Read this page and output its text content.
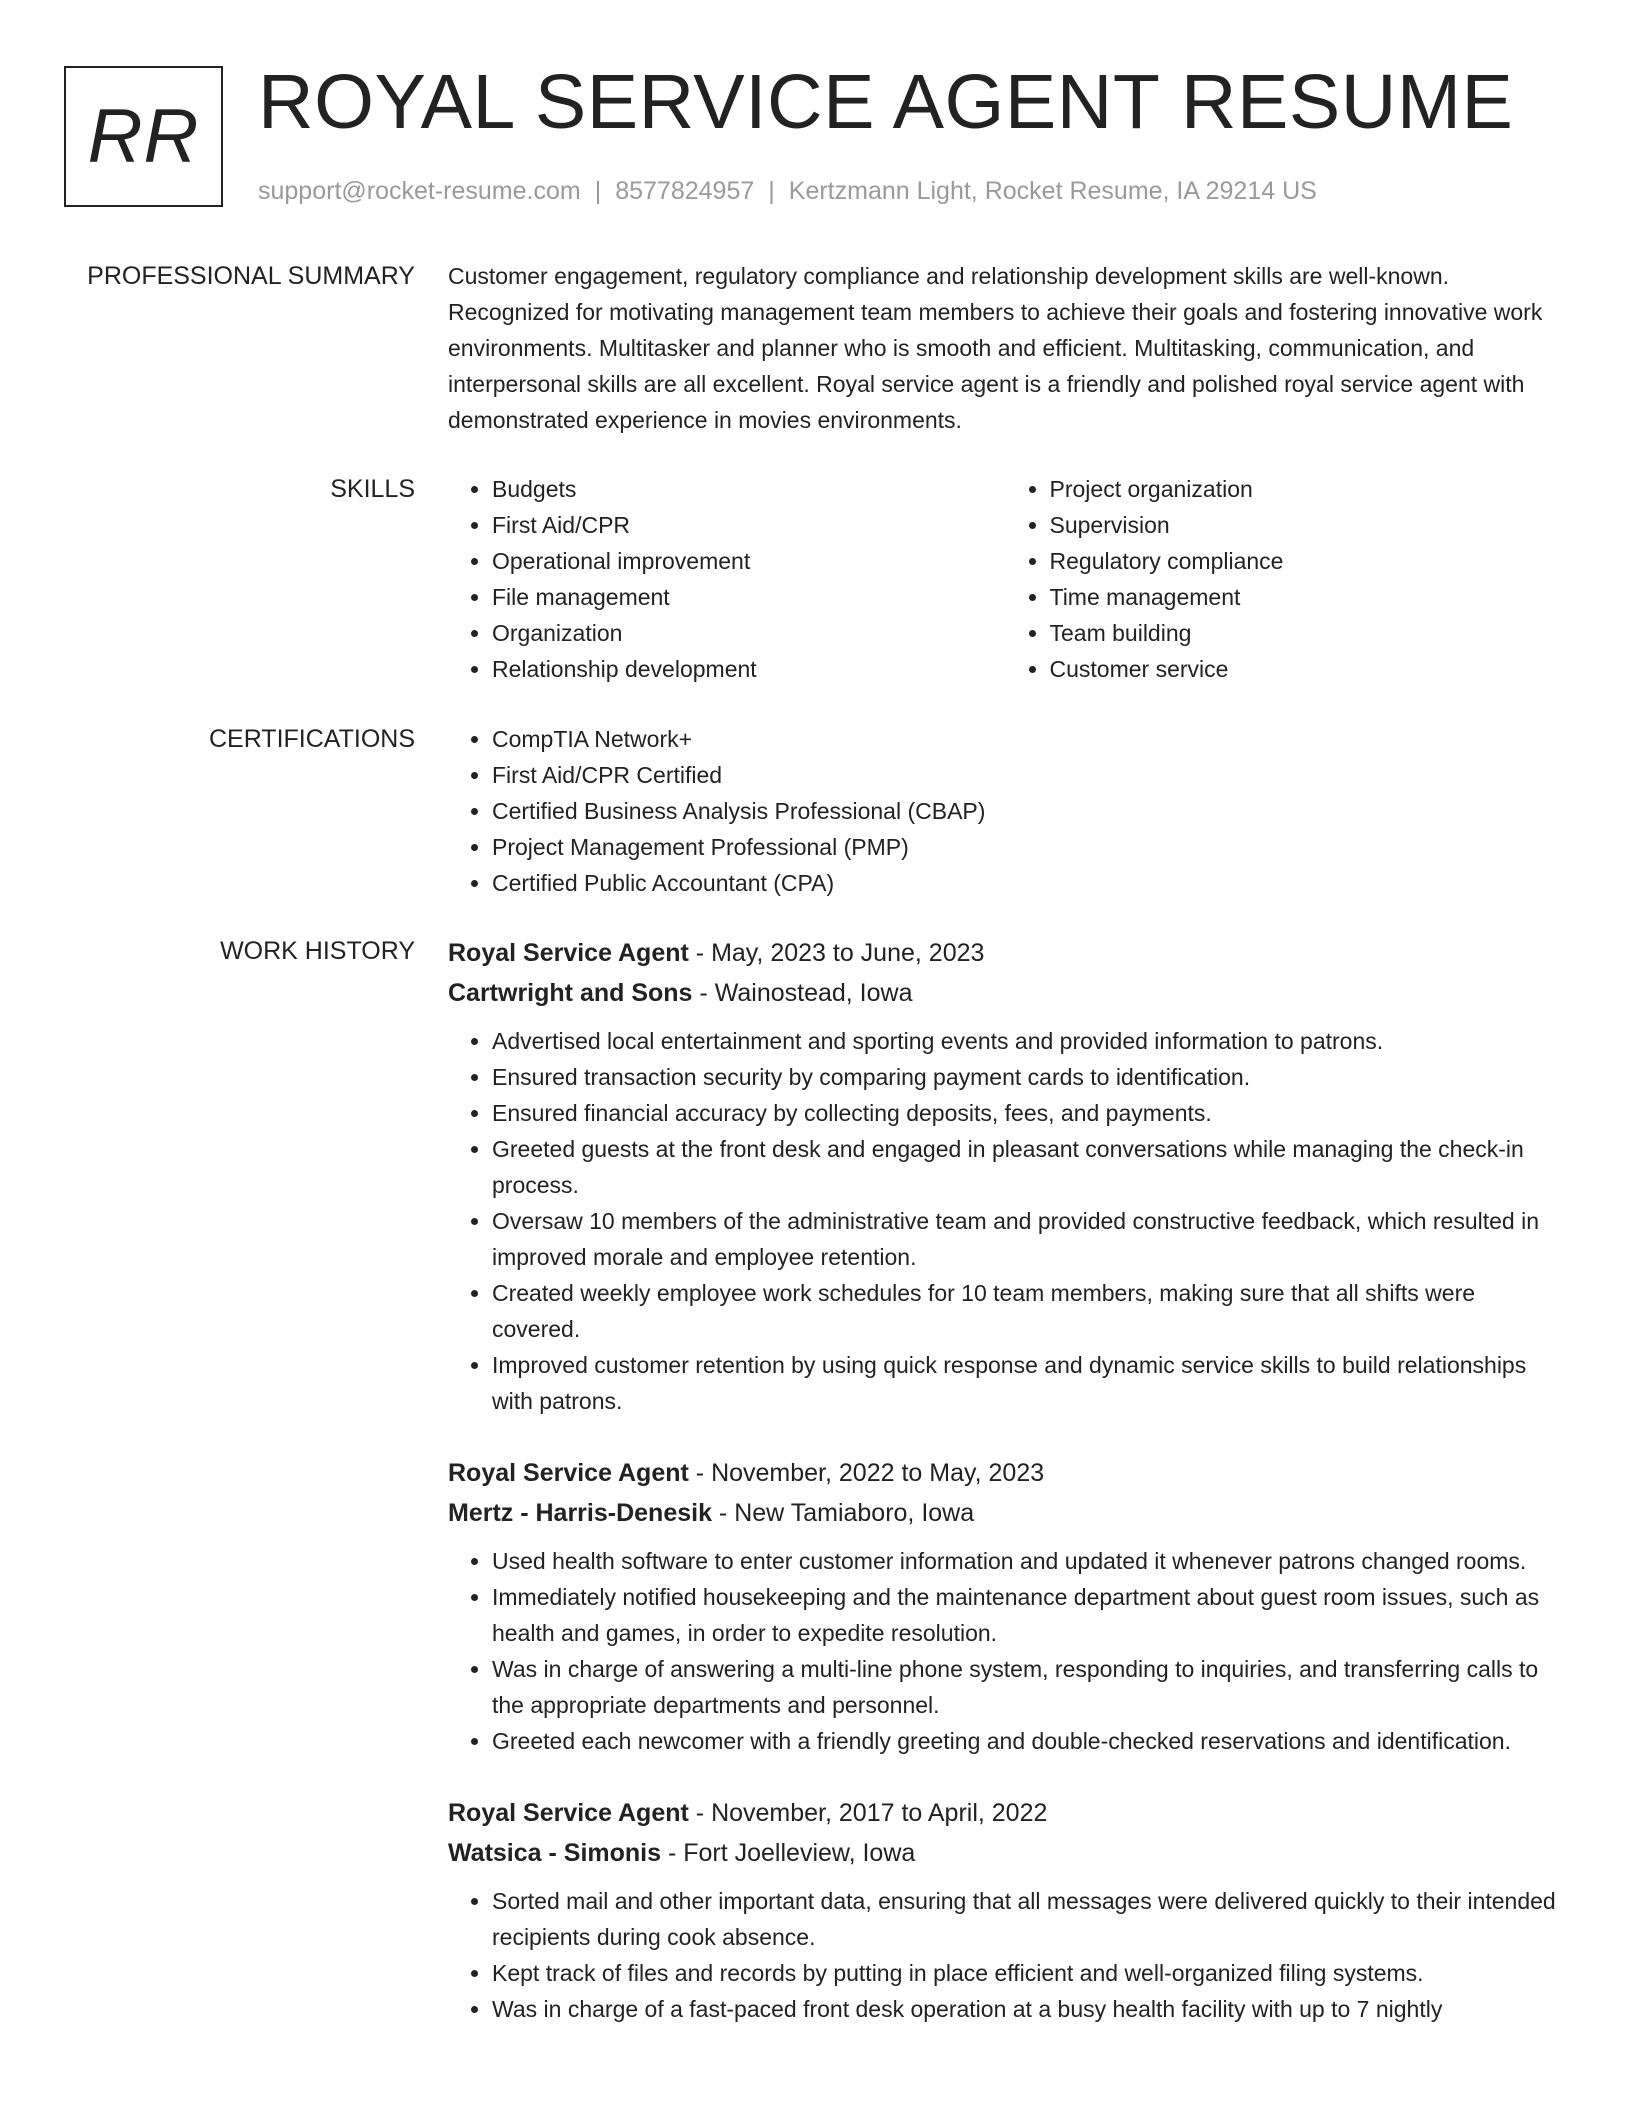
RR ROYAL SERVICE AGENT RESUME
support@rocket-resume.com | 8577824957 | Kertzmann Light, Rocket Resume, IA 29214 US
PROFESSIONAL SUMMARY Customer engagement, regulatory compliance and relationship development skills are well-known. Recognized for motivating management team members to achieve their goals and fostering innovative work environments. Multitasker and planner who is smooth and efficient. Multitasking, communication, and interpersonal skills are all excellent. Royal service agent is a friendly and polished royal service agent with demonstrated experience in movies environments.

SKILLS	• Budgets
• First Aid/CPR
• Operational improvement
• File management
• Organization
• Relationship development
• Project organization
• Supervision
• Regulatory compliance
• Time management
• Team building
• Customer service
CERTIFICATIONS	• CompTIA Network+
• First Aid/CPR Certified
• Certified Business Analysis Professional (CBAP)
• Project Management Professional (PMP)
• Certified Public Accountant (CPA)
WORK HISTORY Royal Service Agent - May, 2023 to June, 2023
Cartwright and Sons - Wainostead, Iowa
• Advertised local entertainment and sporting events and provided information to patrons.
• Ensured transaction security by comparing payment cards to identification.
• Ensured financial accuracy by collecting deposits, fees, and payments.
• Greeted guests at the front desk and engaged in pleasant conversations while managing the check-in process.
• Oversaw 10 members of the administrative team and provided constructive feedback, which resulted in improved morale and employee retention.
• Created weekly employee work schedules for 10 team members, making sure that all shifts were covered.
• Improved customer retention by using quick response and dynamic service skills to build relationships with patrons.
Royal Service Agent - November, 2022 to May, 2023
Mertz - Harris-Denesik - New Tamiaboro, Iowa
• Used health software to enter customer information and updated it whenever patrons changed rooms.
• Immediately notified housekeeping and the maintenance department about guest room issues, such as health and games, in order to expedite resolution.
• Was in charge of answering a multi-line phone system, responding to inquiries, and transferring calls to the appropriate departments and personnel.
• Greeted each newcomer with a friendly greeting and double-checked reservations and identification.
Royal Service Agent - November, 2017 to April, 2022
Watsica - Simonis - Fort Joelleview, Iowa
• Sorted mail and other important data, ensuring that all messages were delivered quickly to their intended recipients during cook absence.
• Kept track of files and records by putting in place efficient and well-organized filing systems.
• Was in charge of a fast-paced front desk operation at a busy health facility with up to 7 nightly
